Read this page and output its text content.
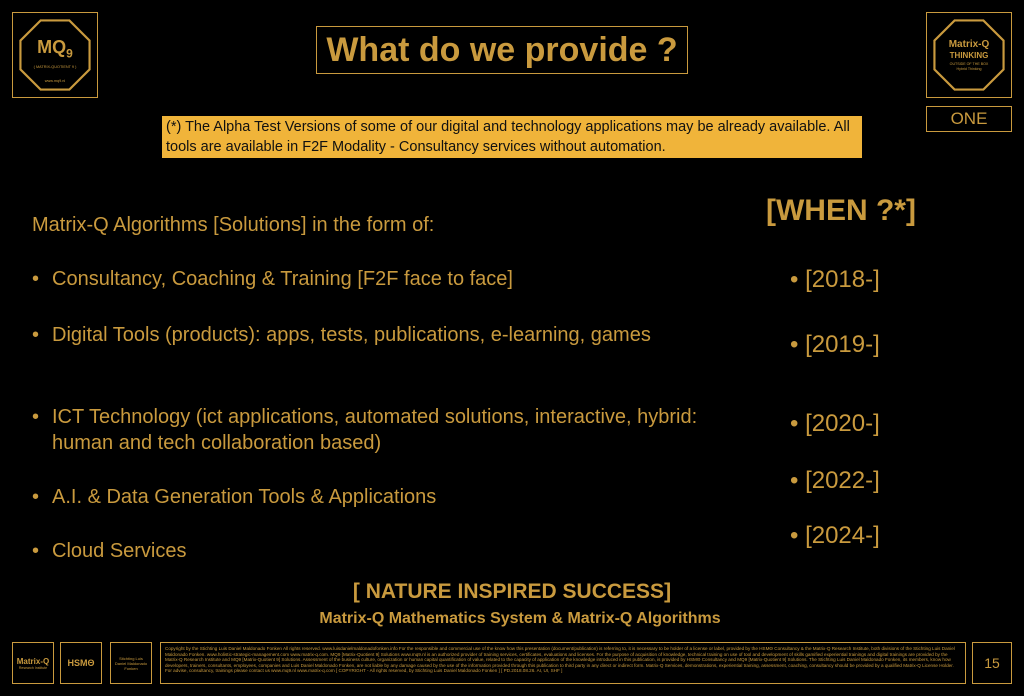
$MQ_9$
( MATRIX-QUOTIENT 9 )
www.mq9.nl
Matrix-Q
THINKING
OUTSIDE OF THE BOX
Hybrid Thinking
ONE
What do we provide ?
(*) The Alpha Test Versions of some of our digital and technology applications may be already available. All tools are available in F2F Modality - Consultancy services without automation.
Matrix-Q Algorithms [Solutions] in the form of:
• Consultancy, Coaching & Training [F2F face to face]
• Digital Tools (products): apps, tests, publications, e-learning, games
• ICT Technology (ict applications, automated solutions, interactive, hybrid: human and tech collaboration based)
• A.I. & Data Generation Tools & Applications
• Cloud Services
[WHEN ?*]
• [2018-]
• [2019-]
• [2020-]
• [2022-]
• [2024-]
[ NATURE INSPIRED SUCCESS]
Matrix-Q Mathematics System & Matrix-Q Algorithms
Matrix-Q
Research Institute HSMΘ	Stichting Luis Daniel Maldonado Fonken
Copyright by the Stichting Luis Daniel Maldonado Fonken All rights reserved. www.luisdanielmaldonadofonken.info For the responsible and commercial use of the know how this presentation (document/publication) is referring to, it is necessary to be holder of a license or label, provided by the HSMΘ Consultancy & the Matrix-Q Research Institute, both divisions of the Stichting Luis Daniel Maldonado Fonken. www.holistic-strategic-management.com www.matrix-q.com. MQ9 [Matrix-Quotient 9] Solutions www.mq9.nl is an authorized provider of training services, certificates, evaluations and licenses. For the purpose of acquisition of knowledge, technical training on use of tool and development of skills gamified experiential trainings and digital trainings are provided by the Matrix-Q Research Institute and MQ9 [Matrix-Quotient 9] Solutions. Assessment of the business culture, organization or human capital quantification of value, related to the capacity of application of the knowledge introduced in this publication, is provided by HSMΘ Consultancy and MQ9 [Matrix-Quotient 9] Solutions. The Stichting Luis Daniel Maldonado Fonken, its members, know how developers, trainers, consultants, employees, companies and Luis Daniel Maldonado Fonken, are not liable by any damage caused by the use of the information provided through this publication to third party in any direct or indirect form. Matrix-Q Services, demonstrations, experiential training, assessment, coaching, consultancy should be provided by a qualified Matrix-Q License Holder. For advise, consultancy, trainings please contact us www.mq9.nl www.matrix-q.com [ COPYRIGHT - All rights reserved, by Stichting Luis Daniel Maldonado Fonken ] [ PD.2018.08.26. AI, UI, SHF ]	15
